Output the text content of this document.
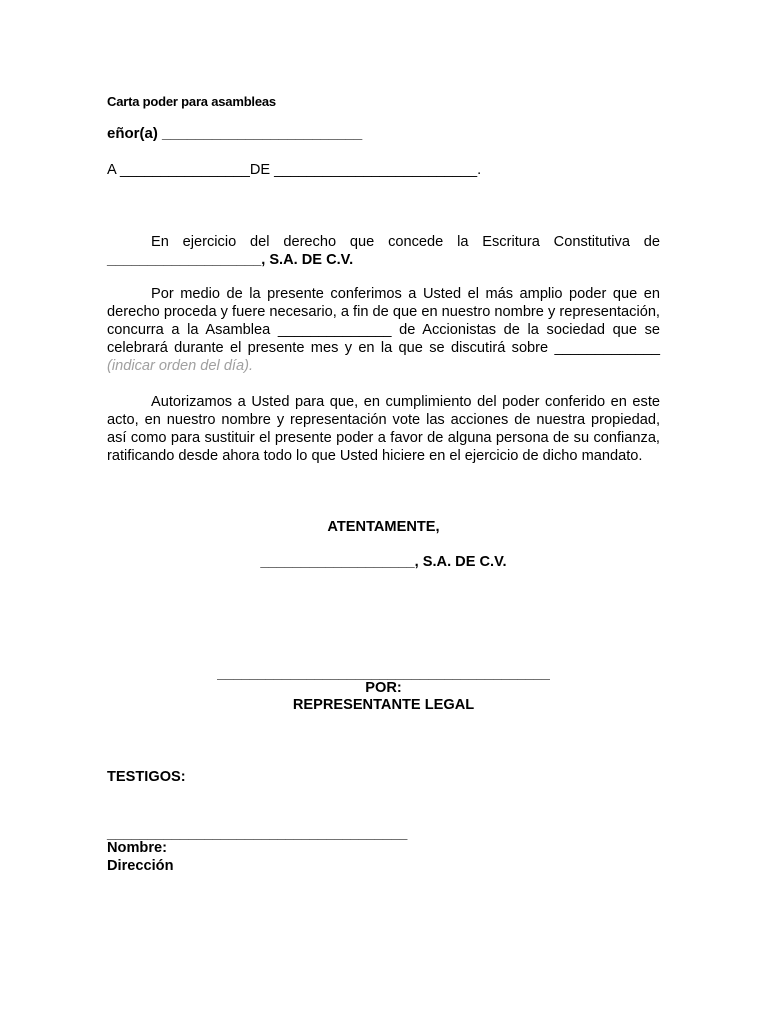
Carta poder para asambleas
eñor(a) ________________________
A ________________DE _________________________.
En ejercicio del derecho que concede la Escritura Constitutiva de ___________________, S.A. DE C.V.
Por medio de la presente conferimos a Usted el más amplio poder que en derecho proceda y fuere necesario, a fin de que en nuestro nombre y representación, concurra a la Asamblea ______________ de Accionistas de la sociedad que se celebrará durante el presente mes y en la que se discutirá sobre _____________ (indicar orden del día).
Autorizamos a Usted para que, en cumplimiento del poder conferido en este acto, en nuestro nombre y representación vote las acciones de nuestra propiedad, así como para sustituir el presente poder a favor de alguna persona de su confianza, ratificando desde ahora todo lo que Usted hiciere en el ejercicio de dicho mandato.
ATENTAMENTE,
___________________, S.A. DE C.V.
_________________________________________
POR:
REPRESENTANTE LEGAL
TESTIGOS:
_____________________________________
Nombre:
Dirección
